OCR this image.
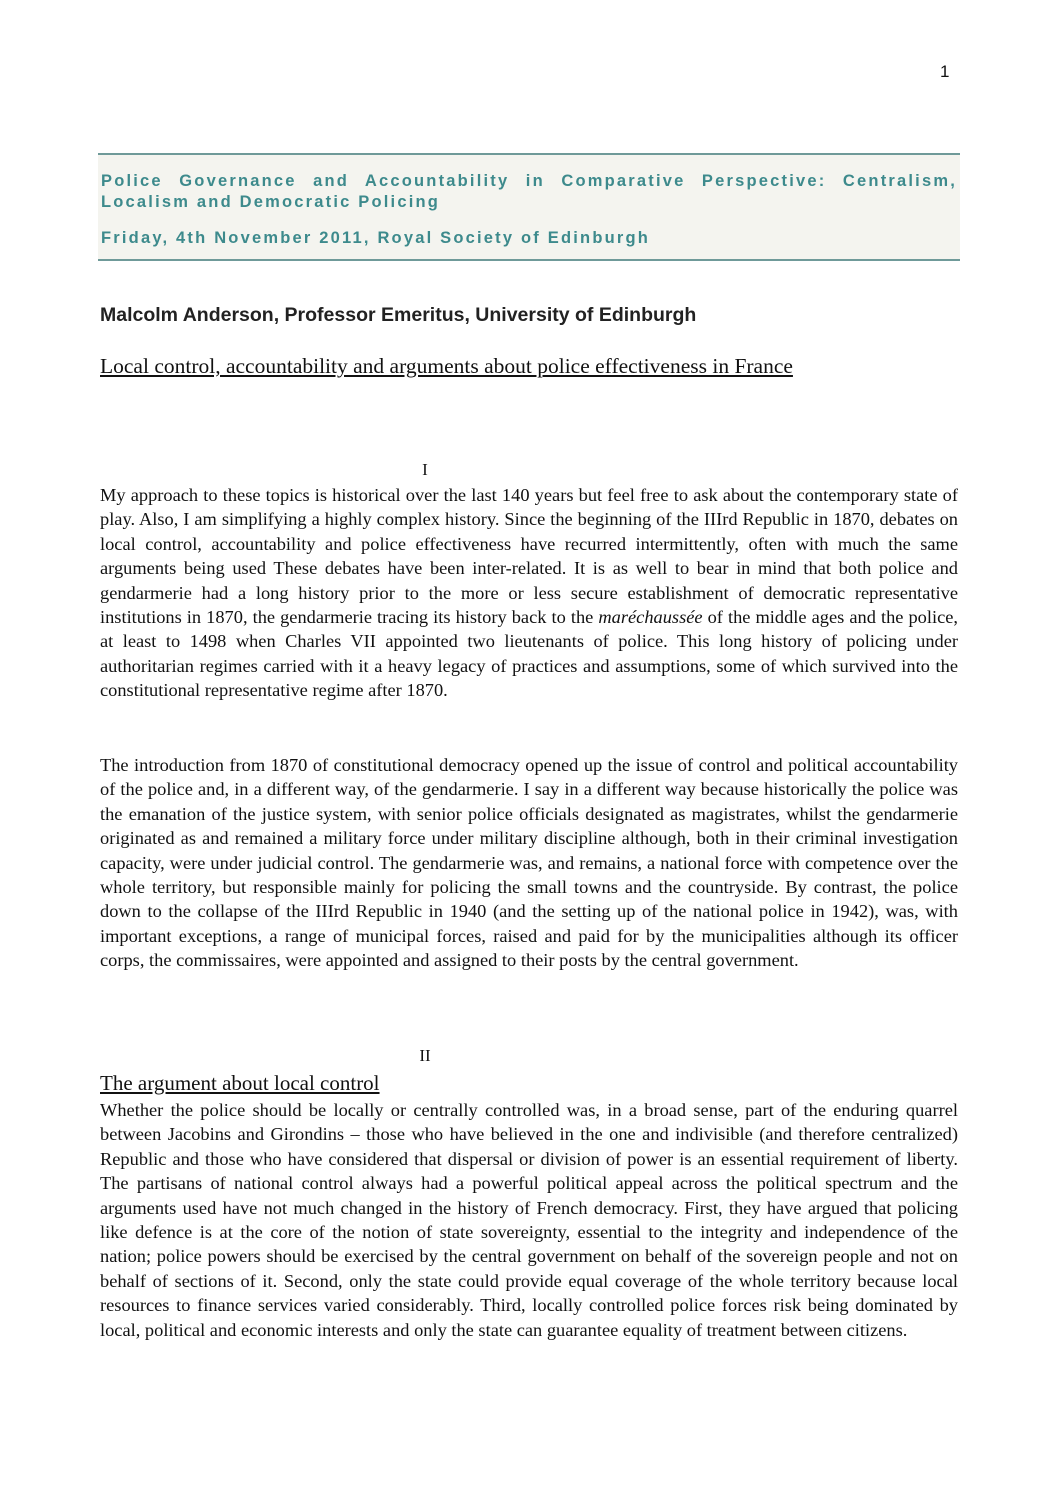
1
Police Governance and Accountability in Comparative Perspective: Centralism, Localism and Democratic Policing
Friday, 4th November 2011, Royal Society of Edinburgh
Malcolm Anderson, Professor Emeritus, University of Edinburgh
Local control, accountability and arguments about police effectiveness in France
I

My approach to these topics is historical over the last 140 years but feel free to ask about the contemporary state of play. Also, I am simplifying a highly complex history. Since the beginning of the IIIrd Republic in 1870, debates on local control, accountability and police effectiveness have recurred intermittently, often with much the same arguments being used These debates have been inter-related. It is as well to bear in mind that both police and gendarmerie had a long history prior to the more or less secure establishment of democratic representative institutions in 1870, the gendarmerie tracing its history back to the maréchaussée of the middle ages and the police, at least to 1498 when Charles VII appointed two lieutenants of police. This long history of policing under authoritarian regimes carried with it a heavy legacy of practices and assumptions, some of which survived into the constitutional representative regime after 1870.

The introduction from 1870 of constitutional democracy opened up the issue of control and political accountability of the police and, in a different way, of the gendarmerie. I say in a different way because historically the police was the emanation of the justice system, with senior police officials designated as magistrates, whilst the gendarmerie originated as and remained a military force under military discipline although, both in their criminal investigation capacity, were under judicial control. The gendarmerie was, and remains, a national force with competence over the whole territory, but responsible mainly for policing the small towns and the countryside. By contrast, the police down to the collapse of the IIIrd Republic in 1940 (and the setting up of the national police in 1942), was, with important exceptions, a range of municipal forces, raised and paid for by the municipalities although its officer corps, the commissaires, were appointed and assigned to their posts by the central government.

II
The argument about local control

Whether the police should be locally or centrally controlled was, in a broad sense, part of the enduring quarrel between Jacobins and Girondins – those who have believed in the one and indivisible (and therefore centralized) Republic and those who have considered that dispersal or division of power is an essential requirement of liberty. The partisans of national control always had a powerful political appeal across the political spectrum and the arguments used have not much changed in the history of French democracy. First, they have argued that policing like defence is at the core of the notion of state sovereignty, essential to the integrity and independence of the nation; police powers should be exercised by the central government on behalf of the sovereign people and not on behalf of sections of it. Second, only the state could provide equal coverage of the whole territory because local resources to finance services varied considerably. Third, locally controlled police forces risk being dominated by local, political and economic interests and only the state can guarantee equality of treatment between citizens.
